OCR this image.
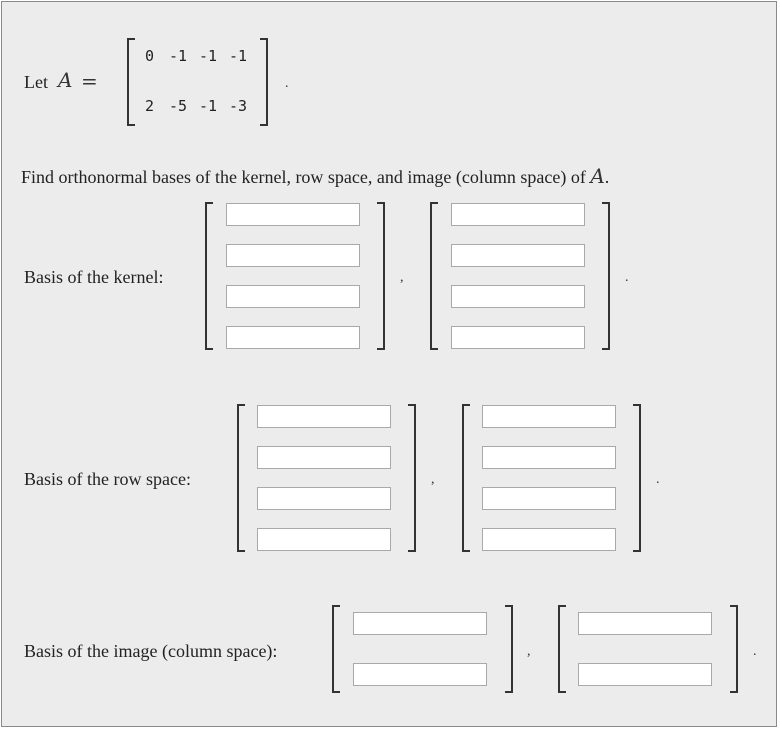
Let A =
0 -1 -1 -1
2 -5 -1 -3
.
Find orthonormal bases of the kernel, row space, and image (column space) of A.
Basis of the kernel:	,	.
Basis of the row space:	,	.
Basis of the image (column space):	,	.
